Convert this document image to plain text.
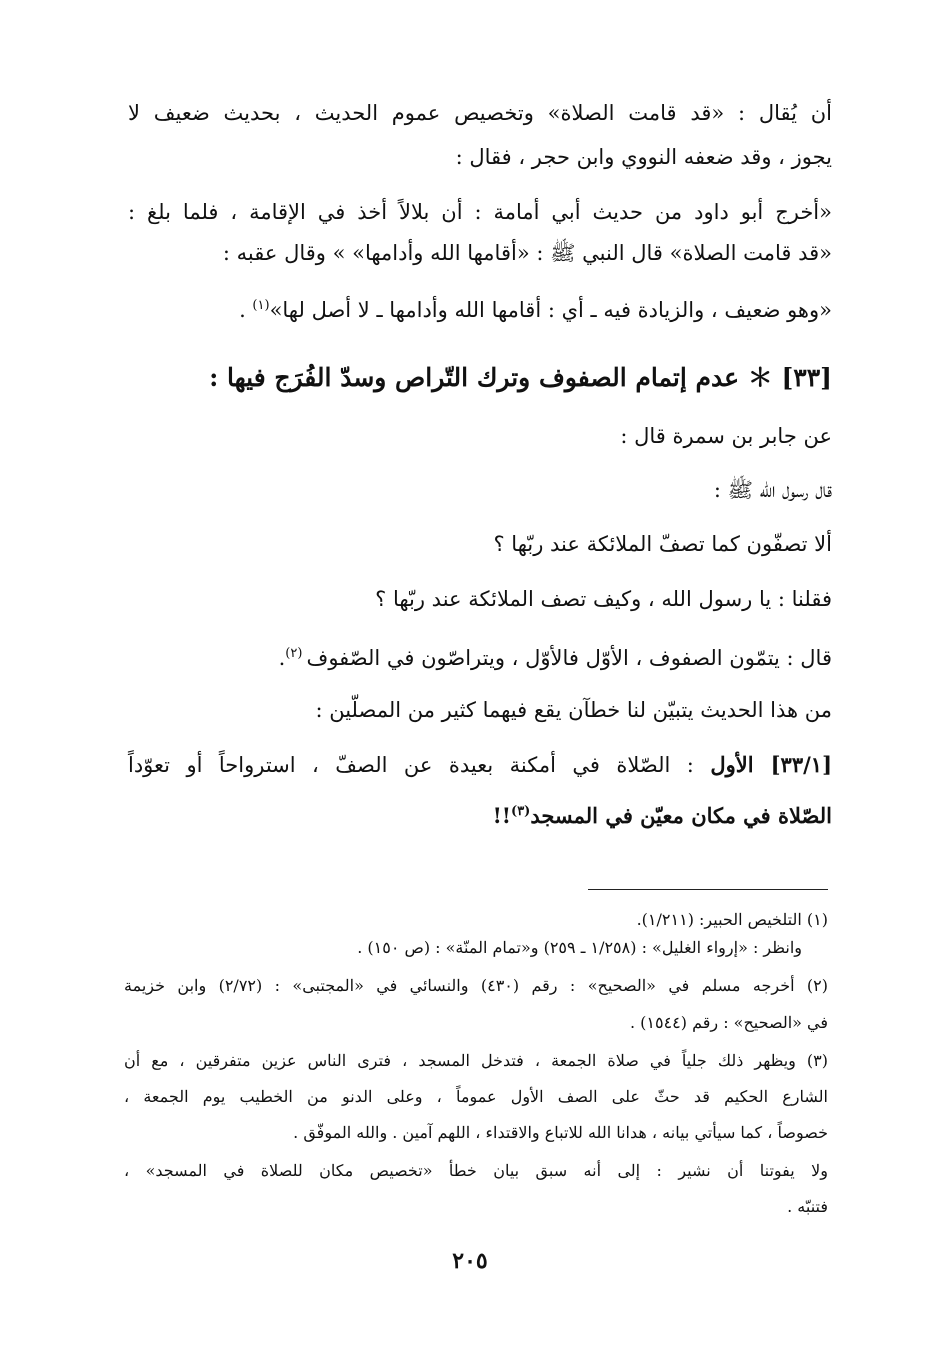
أن يُقال : «قد قامت الصلاة» وتخصيص عموم الحديث ، بحديث ضعيف لا
يجوز ، وقد ضعفه النووي وابن حجر ، فقال :
«أخرج أبو داود من حديث أبي أمامة : أن بلالاً أخذ في الإقامة ، فلما بلغ :
«قد قامت الصلاة» قال النبي ﷺ : «أقامها الله وأدامها» » وقال عقبه :
«وهو ضعيف ، والزيادة فيه ـ أي : أقامها الله وأدامها ـ لا أصل لها»$^{(١)}$ .
[٣٣] ＊ عدم إتمام الصفوف وترك التّراص وسدّ الفُرَج فيها :
عن جابر بن سمرة قال :
قال رسول الله ﷺ :
ألا تصفّون كما تصفّ الملائكة عند ربّها ؟
فقلنا : يا رسول الله ، وكيف تصف الملائكة عند ربّها ؟
قال : يتمّون الصفوف ، الأوّل فالأوّل ، ويتراصّون في الصّفوف $^{(٢)}$.
من هذا الحديث يتبيّن لنا خطآن يقع فيهما كثير من المصلّين :
[٣٣/١] الأول : الصّلاة في أمكنة بعيدة عن الصفّ ، استرواحاً أو تعوّداً
الصّلاة في مكان معيّن في المسجد$^{(٣)}$!!
(١) التلخيص الحبير: (١/٢١١).
وانظر : «إرواء الغليل» : (١/٢٥٨ ـ ٢٥٩) و«تمام المنّة» : (ص ١٥٠) .
(٢) أخرجه مسلم في «الصحيح» : رقم (٤٣٠) والنسائي في «المجتبى» : (٢/٧٢) وابن خزيمة
في «الصحيح» : رقم (١٥٤٤) .
(٣) ويظهر ذلك جلياً في صلاة الجمعة ، فتدخل المسجد ، فترى الناس عزين متفرقين ، مع أن
الشارع الحكيم قد حثّ على الصف الأول عموماً ، وعلى الدنو من الخطيب يوم الجمعة ،
خصوصاً ، كما سيأتي بيانه ، هدانا الله للاتباع والاقتداء ، اللهم آمين . والله الموفّق .
ولا يفوتنا أن نشير : إلى أنه سبق بيان خطأ «تخصيص مكان للصلاة في المسجد» ،
فتنبّه .
٢٠٥
